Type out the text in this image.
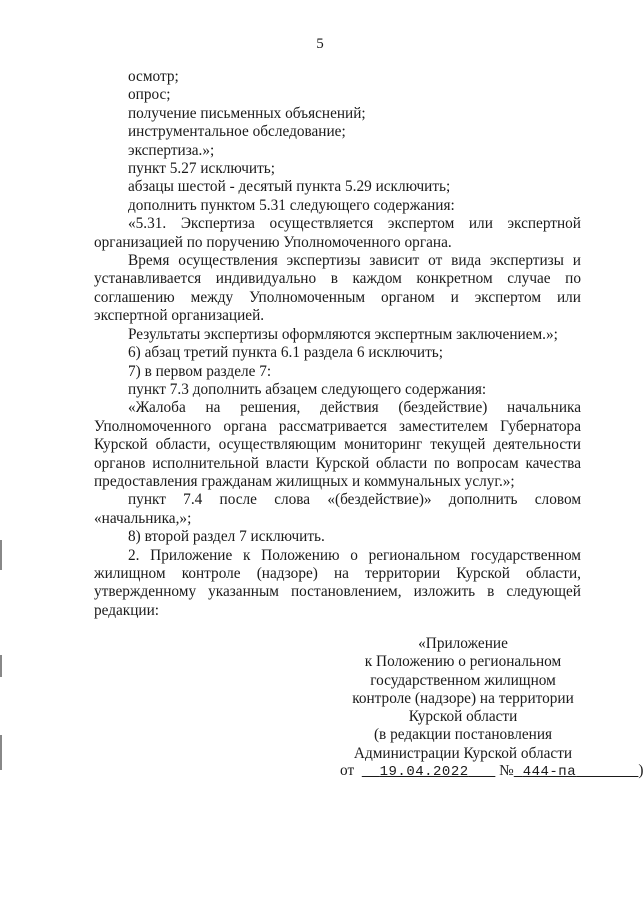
5

осмотр;

опрос;

получение письменных объяснений;

инструментальное обследование;

экспертиза.»;

пункт 5.27 исключить;

абзацы шестой - десятый пункта 5.29 исключить;

дополнить пунктом 5.31 следующего содержания:

«5.31. Экспертиза осуществляется экспертом или экспертной организацией по поручению Уполномоченного органа.

Время осуществления экспертизы зависит от вида экспертизы и устанавливается индивидуально в каждом конкретном случае по соглашению между Уполномоченным органом и экспертом или экспертной организацией.

Результаты экспертизы оформляются экспертным заключением.»;

6) абзац третий пункта 6.1 раздела 6 исключить;

7) в первом разделе 7:

пункт 7.3 дополнить абзацем следующего содержания:

«Жалоба на решения, действия (бездействие) начальника Уполномоченного органа рассматривается заместителем Губернатора Курской области, осуществляющим мониторинг текущей деятельности органов исполнительной власти Курской области по вопросам качества предоставления гражданам жилищных и коммунальных услуг.»;

пункт 7.4 после слова «(бездействие)» дополнить словом «начальника,»;

8) второй раздел 7 исключить.

2. Приложение к Положению о региональном государственном жилищном контроле (надзоре) на территории Курской области, утвержденному указанным постановлением, изложить в следующей редакции:

«Приложение
к Положению о региональном
государственном жилищном
контроле (надзоре) на территории
Курской области
(в редакции постановления
Администрации Курской области
от 19.04.2022 № 444-па	)
